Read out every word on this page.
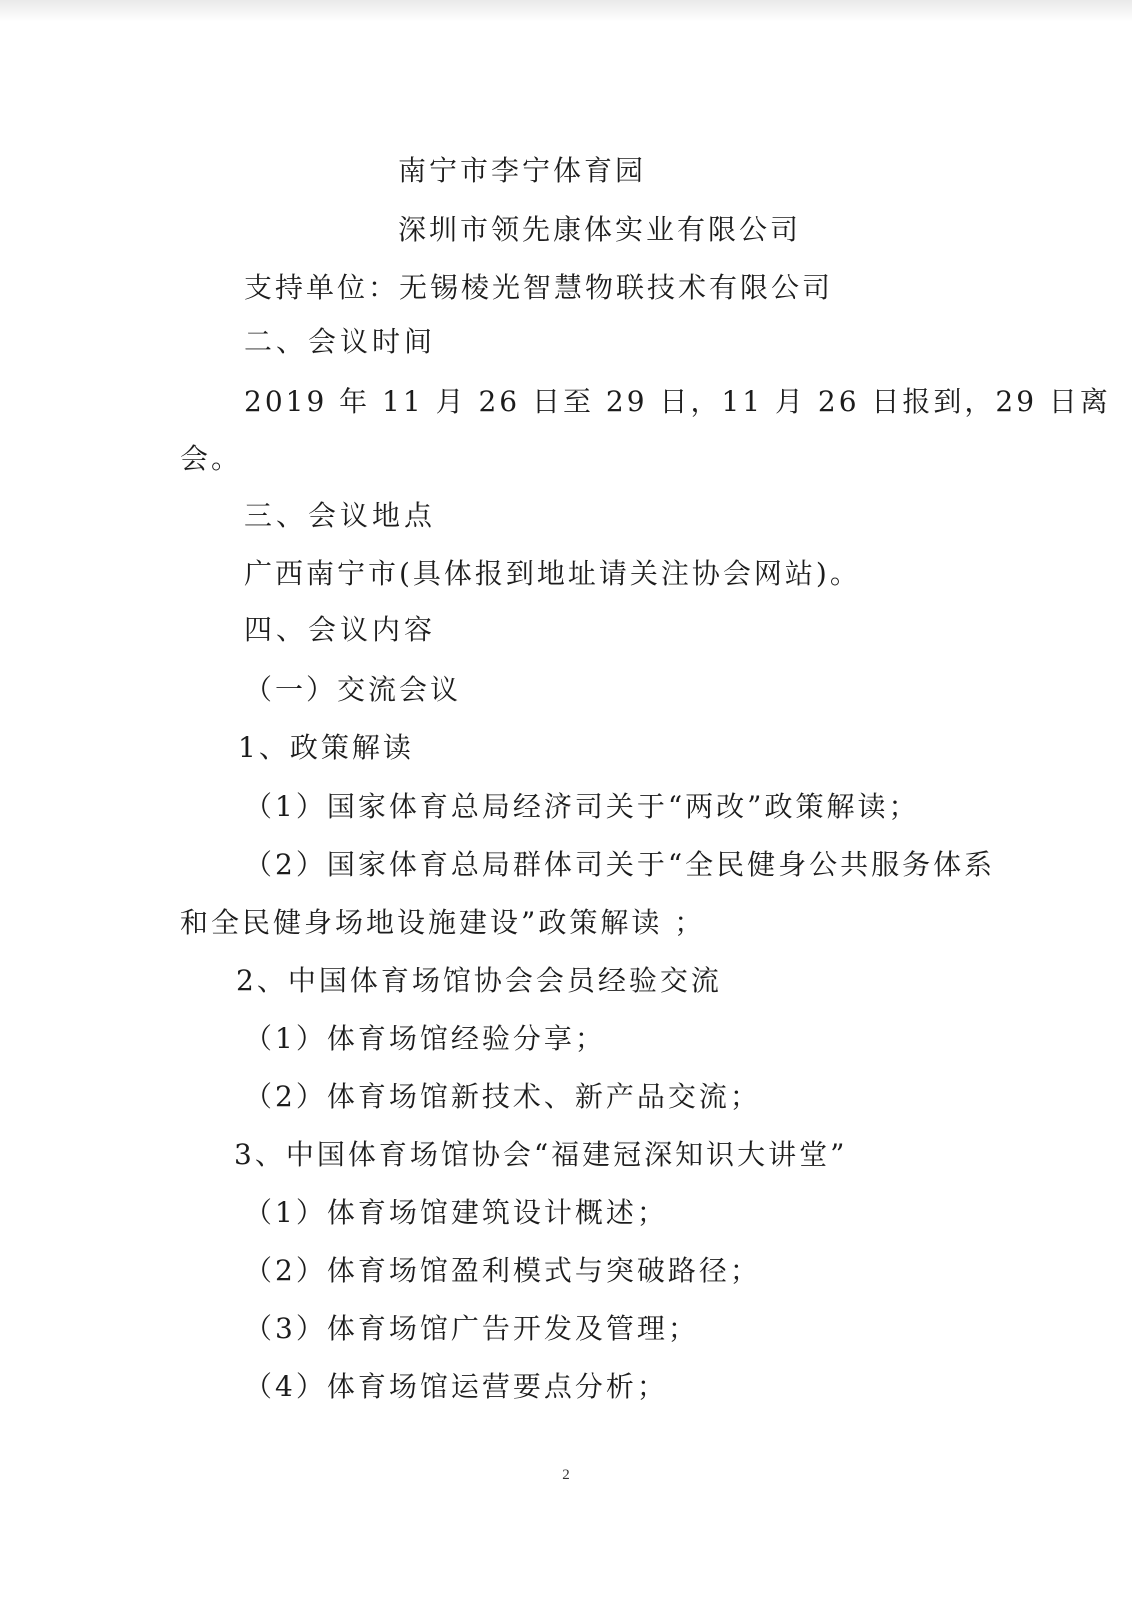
南宁市李宁体育园
深圳市领先康体实业有限公司
支持单位：无锡棱光智慧物联技术有限公司
二、会议时间
2019 年 11 月 26 日至 29 日，11 月 26 日报到，29 日离
会。
三、会议地点
广西南宁市(具体报到地址请关注协会网站)。
四、会议内容
（一）交流会议
1、政策解读
（1）国家体育总局经济司关于“两改”政策解读；
（2）国家体育总局群体司关于“全民健身公共服务体系
和全民健身场地设施建设”政策解读 ；
2、中国体育场馆协会会员经验交流
（1）体育场馆经验分享；
（2）体育场馆新技术、新产品交流；
3、中国体育场馆协会“福建冠深知识大讲堂”
（1）体育场馆建筑设计概述；
（2）体育场馆盈利模式与突破路径；
（3）体育场馆广告开发及管理；
（4）体育场馆运营要点分析；
2
